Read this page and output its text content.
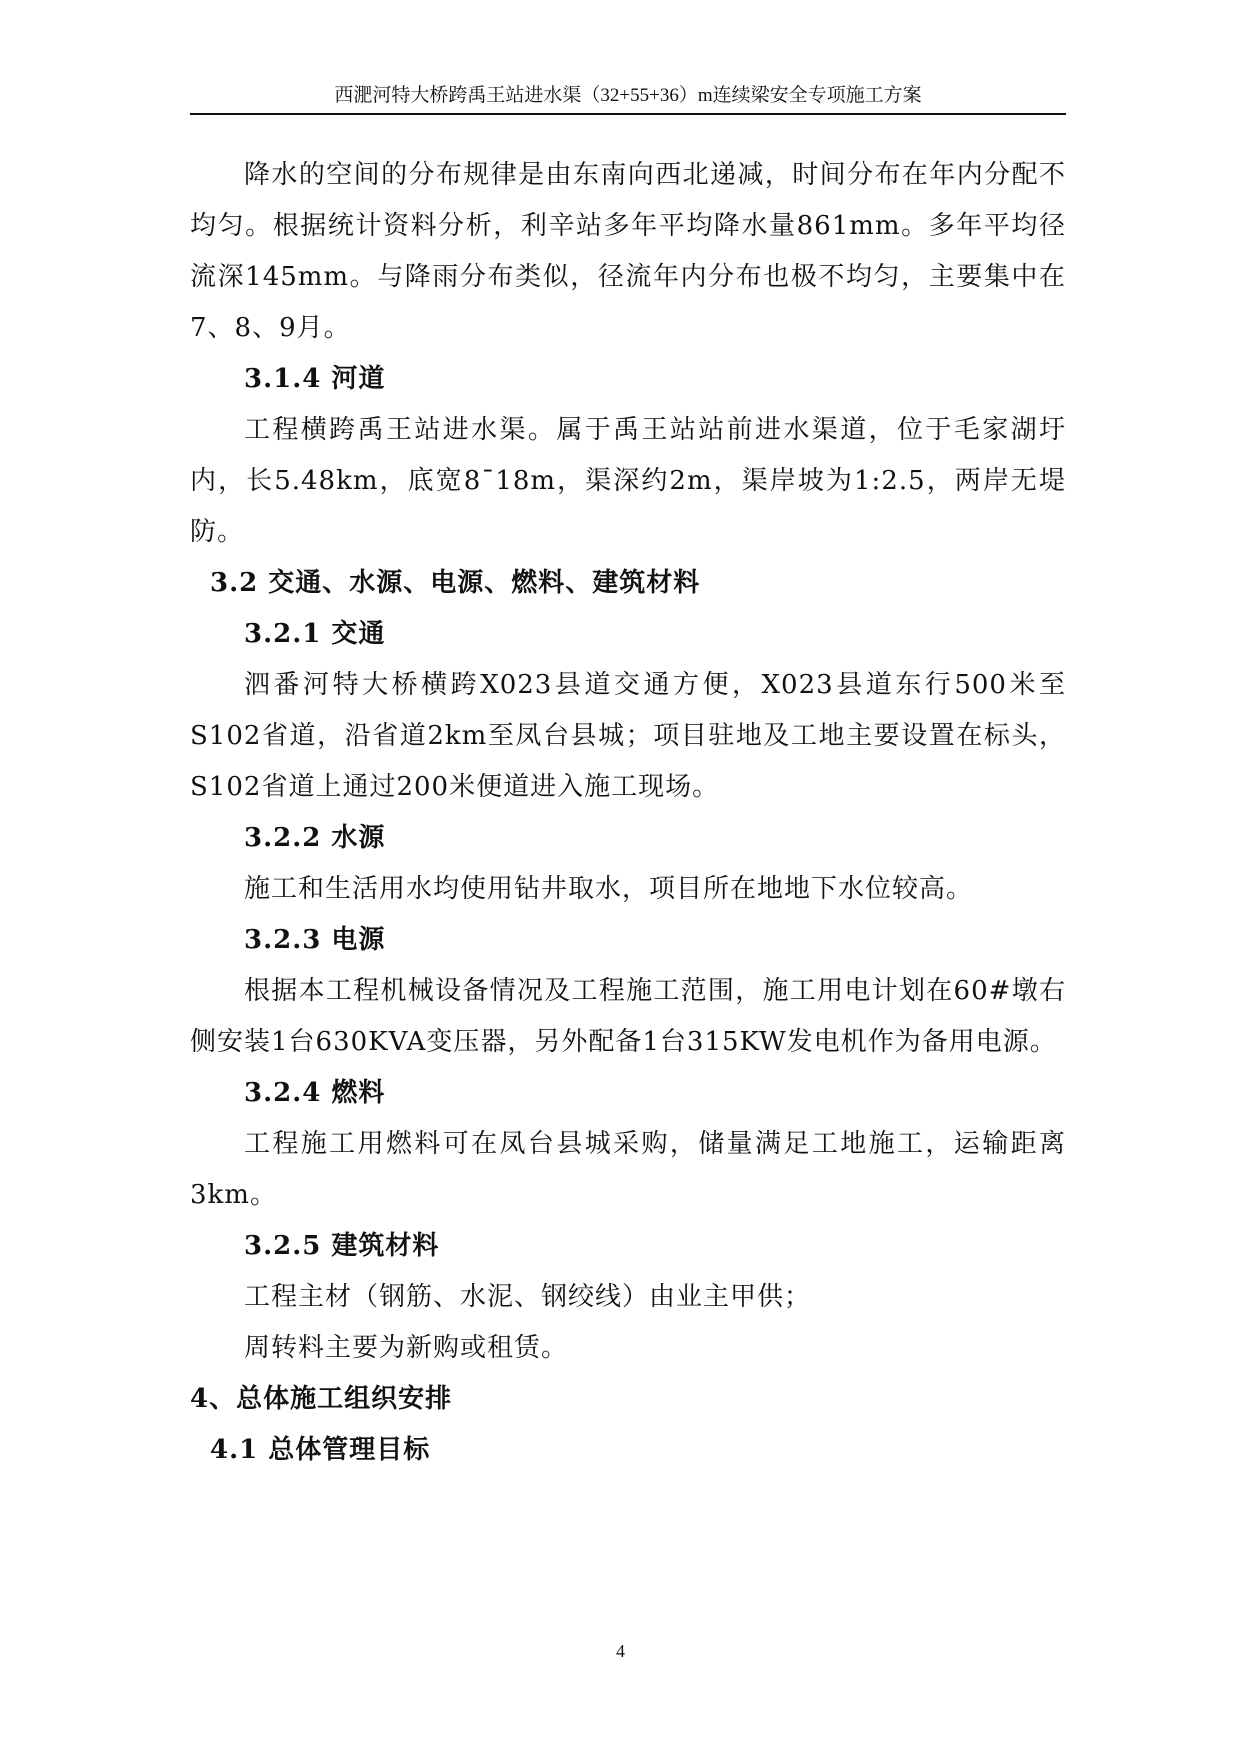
西淝河特大桥跨禹王站进水渠（32+55+36）m连续梁安全专项施工方案

降水的空间的分布规律是由东南向西北递减，时间分布在年内分配不均匀。根据统计资料分析，利辛站多年平均降水量861mm。多年平均径流深145mm。与降雨分布类似，径流年内分布也极不均匀，主要集中在7、8、9月。

3.1.4 河道

工程横跨禹王站进水渠。属于禹王站站前进水渠道，位于毛家湖圩内，长5.48km，底宽8¯18m，渠深约2m，渠岸坡为1:2.5，两岸无堤防。

3.2 交通、水源、电源、燃料、建筑材料

3.2.1 交通

泗番河特大桥横跨X023县道交通方便，X023县道东行500米至S102省道，沿省道2km至凤台县城；项目驻地及工地主要设置在标头，S102省道上通过200米便道进入施工现场。

3.2.2 水源

施工和生活用水均使用钻井取水，项目所在地地下水位较高。

3.2.3 电源

根据本工程机械设备情况及工程施工范围，施工用电计划在60#墩右侧安装1台630KVA变压器，另外配备1台315KW发电机作为备用电源。

3.2.4 燃料

工程施工用燃料可在凤台县城采购，储量满足工地施工，运输距离3km。

3.2.5 建筑材料

工程主材（钢筋、水泥、钢绞线）由业主甲供；

周转料主要为新购或租赁。

4、总体施工组织安排

4.1 总体管理目标

4
